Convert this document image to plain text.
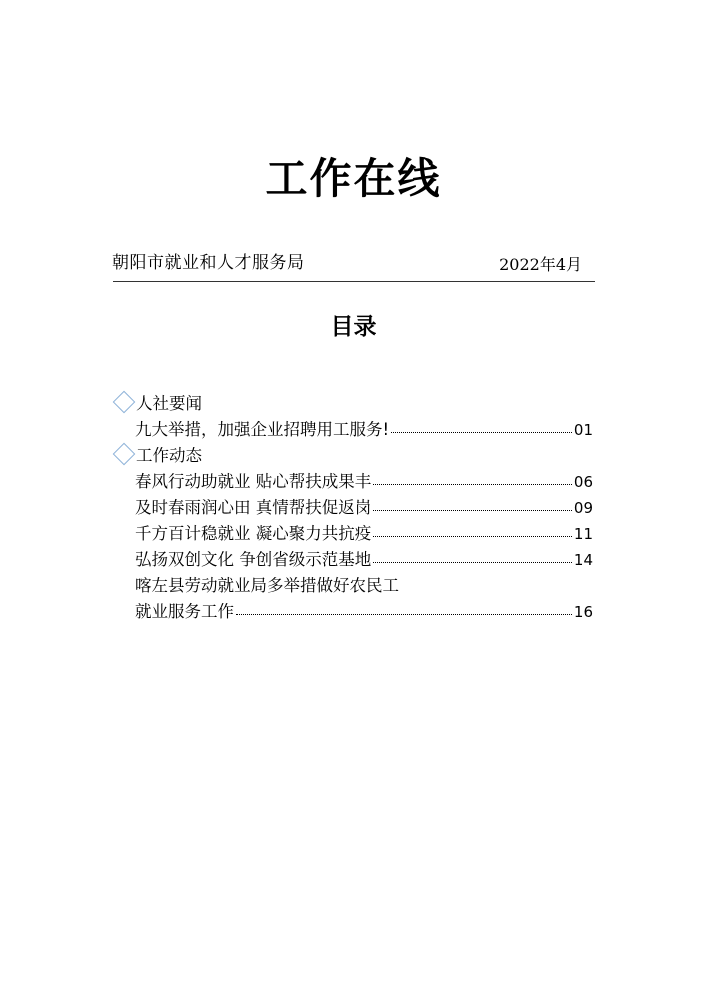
工作在线
朝阳市就业和人才服务局	2022年4月
目录
人社要闻
九大举措，加强企业招聘用工服务!	01
工作动态
春风行动助就业 贴心帮扶成果丰	06
及时春雨润心田 真情帮扶促返岗	09
千方百计稳就业 凝心聚力共抗疫	11
弘扬双创文化 争创省级示范基地	14
喀左县劳动就业局多举措做好农民工
就业服务工作	16
